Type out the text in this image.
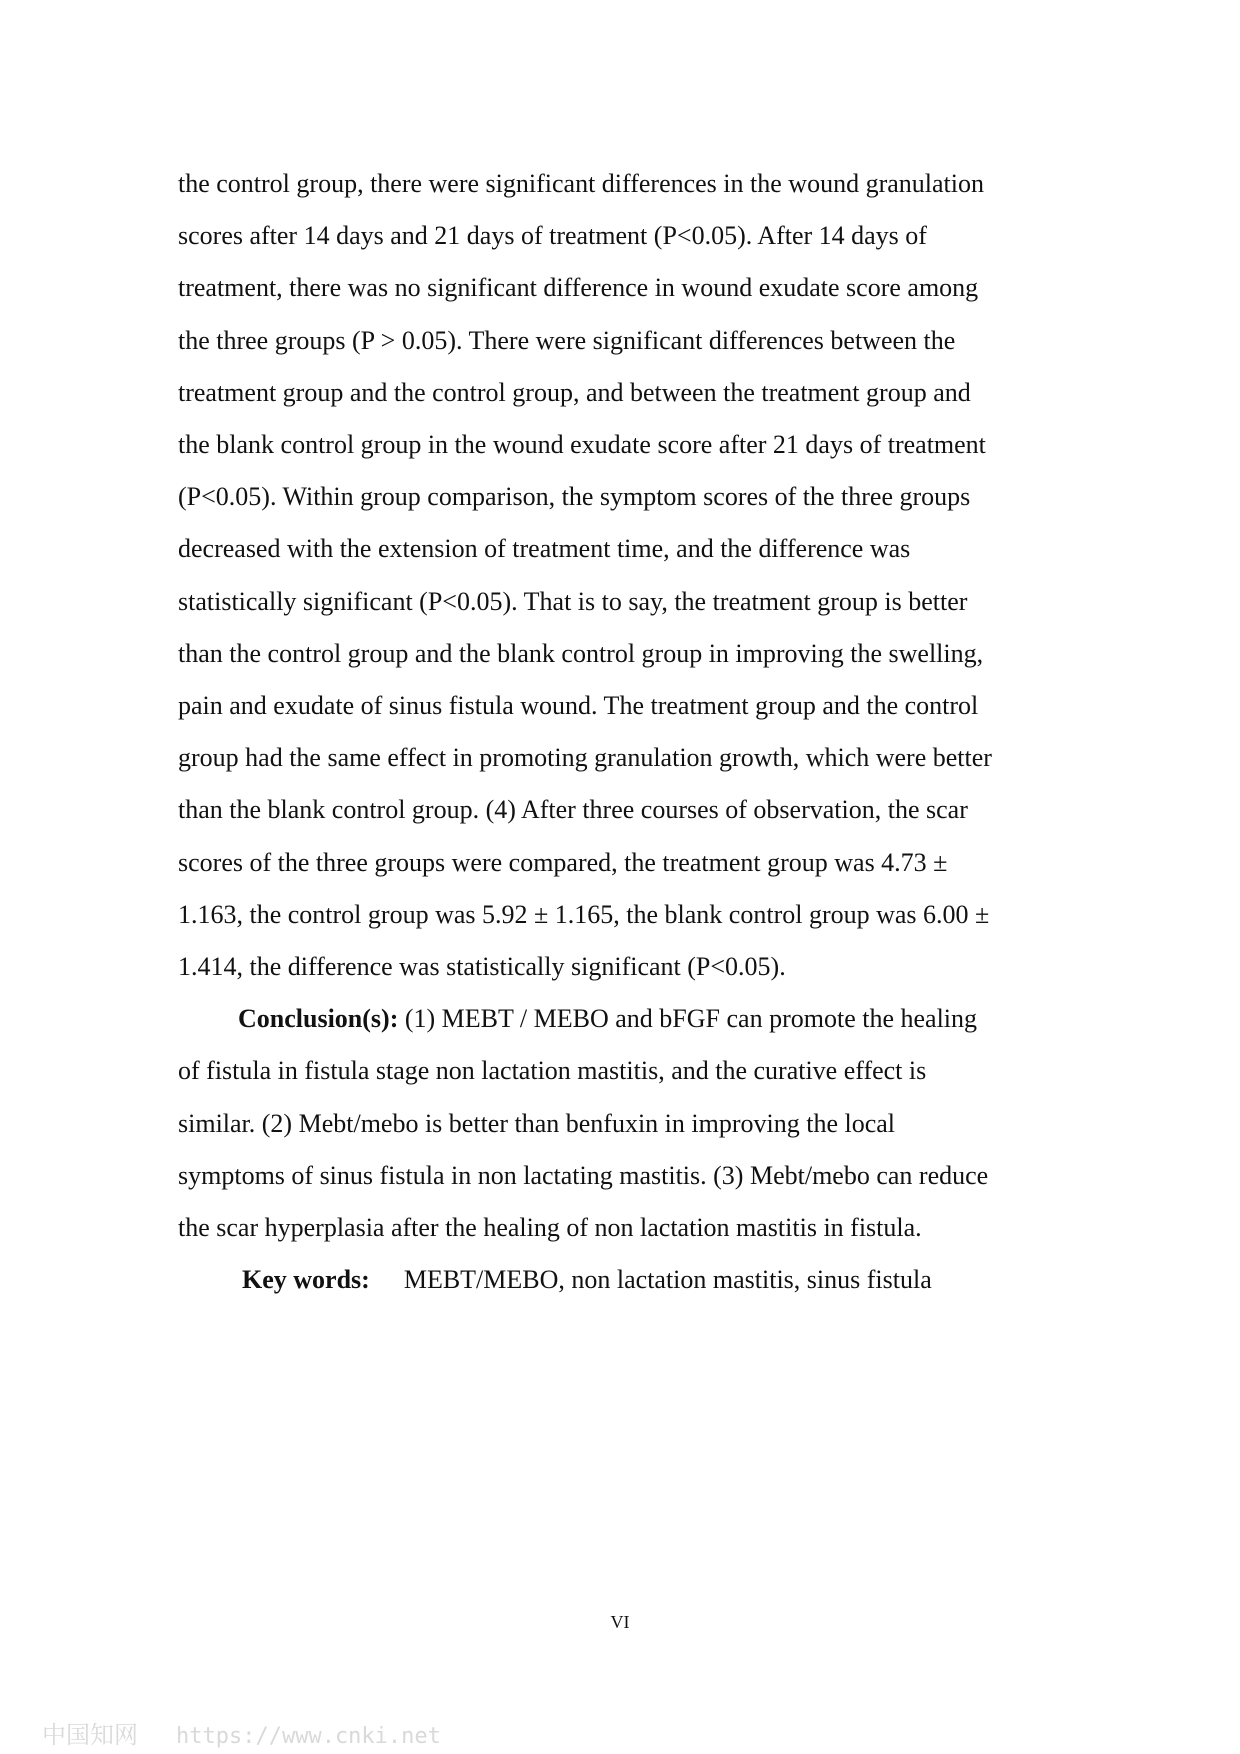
the control group, there were significant differences in the wound granulation
scores after 14 days and 21 days of treatment (P<0.05). After 14 days of
treatment, there was no significant difference in wound exudate score among
the three groups (P > 0.05). There were significant differences between the
treatment group and the control group, and between the treatment group and
the blank control group in the wound exudate score after 21 days of treatment
(P<0.05). Within group comparison, the symptom scores of the three groups
decreased with the extension of treatment time, and the difference was
statistically significant (P<0.05). That is to say, the treatment group is better
than the control group and the blank control group in improving the swelling,
pain and exudate of sinus fistula wound. The treatment group and the control
group had the same effect in promoting granulation growth, which were better
than the blank control group. (4) After three courses of observation, the scar
scores of the three groups were compared, the treatment group was 4.73 ±
1.163, the control group was 5.92 ± 1.165, the blank control group was 6.00 ±
1.414, the difference was statistically significant (P<0.05).

Conclusion(s): (1) MEBT / MEBO and bFGF can promote the healing
of fistula in fistula stage non lactation mastitis, and the curative effect is
similar. (2) Mebt/mebo is better than benfuxin in improving the local
symptoms of sinus fistula in non lactating mastitis. (3) Mebt/mebo can reduce
the scar hyperplasia after the healing of non lactation mastitis in fistula.

Key words: MEBT/MEBO, non lactation mastitis, sinus fistula

VI
中国知网 https://www.cnki.net
